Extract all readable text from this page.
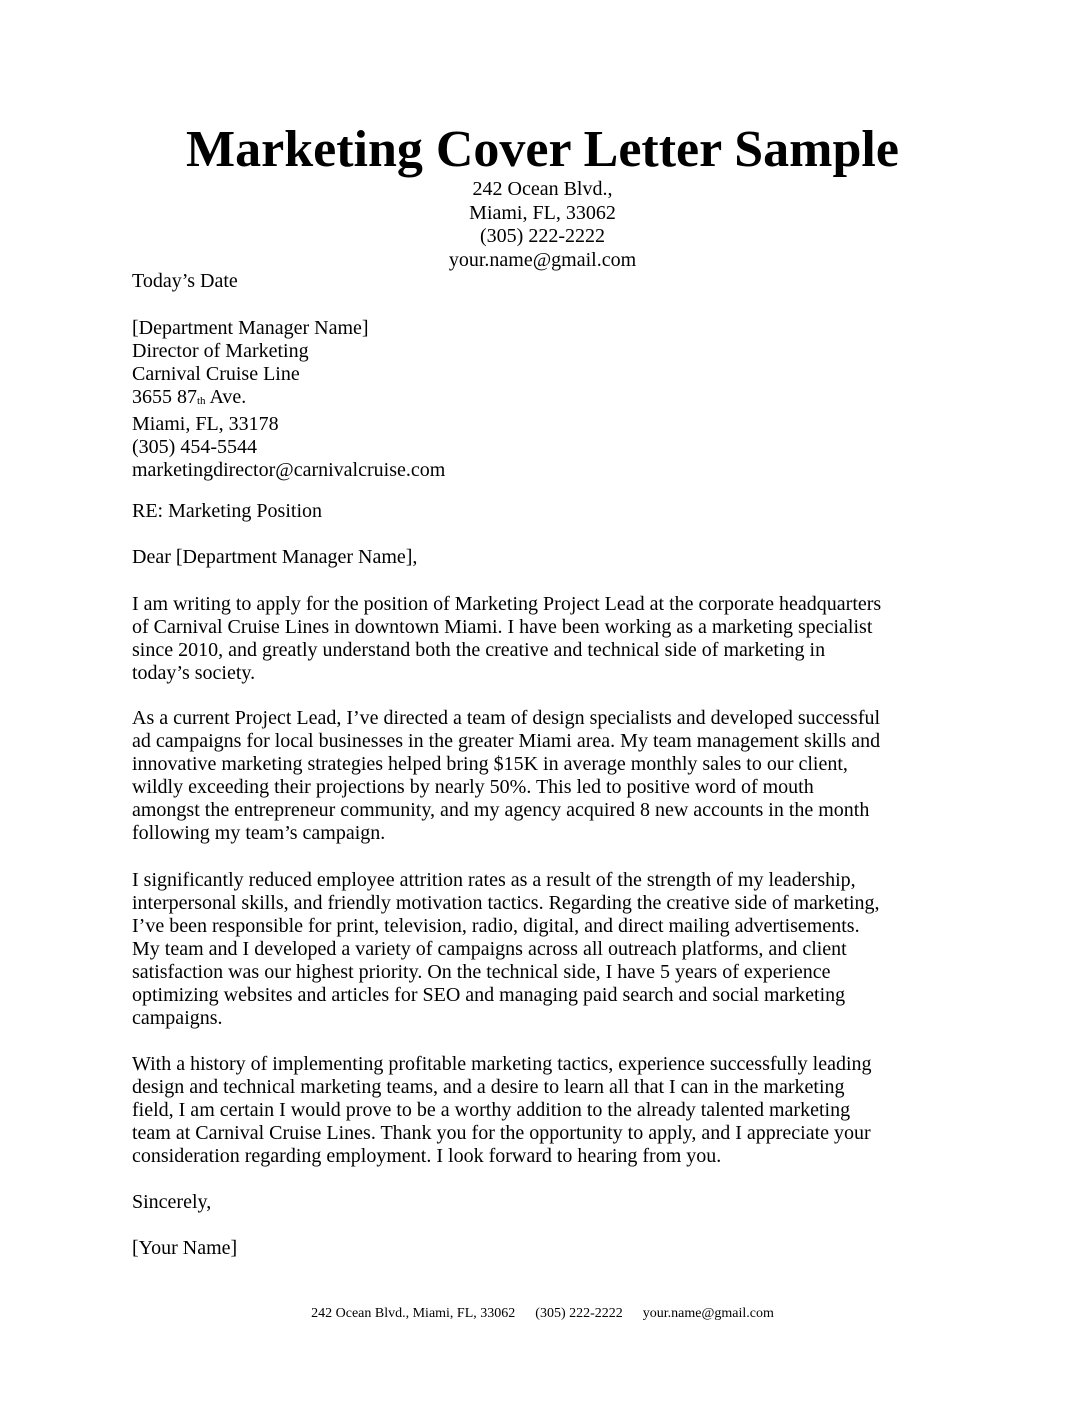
Marketing Cover Letter Sample
242 Ocean Blvd.,
Miami, FL, 33062
(305) 222-2222
your.name@gmail.com
Today’s Date
[Department Manager Name]
Director of Marketing
Carnival Cruise Line
3655 87th Ave.
Miami, FL, 33178
(305) 454-5544
marketingdirector@carnivalcruise.com
RE: Marketing Position
Dear [Department Manager Name],
I am writing to apply for the position of Marketing Project Lead at the corporate headquarters
of Carnival Cruise Lines in downtown Miami. I have been working as a marketing specialist
since 2010, and greatly understand both the creative and technical side of marketing in
today’s society.
As a current Project Lead, I’ve directed a team of design specialists and developed successful
ad campaigns for local businesses in the greater Miami area. My team management skills and
innovative marketing strategies helped bring $15K in average monthly sales to our client,
wildly exceeding their projections by nearly 50%. This led to positive word of mouth
amongst the entrepreneur community, and my agency acquired 8 new accounts in the month
following my team’s campaign.
I significantly reduced employee attrition rates as a result of the strength of my leadership,
interpersonal skills, and friendly motivation tactics. Regarding the creative side of marketing,
I’ve been responsible for print, television, radio, digital, and direct mailing advertisements.
My team and I developed a variety of campaigns across all outreach platforms, and client
satisfaction was our highest priority. On the technical side, I have 5 years of experience
optimizing websites and articles for SEO and managing paid search and social marketing
campaigns.
With a history of implementing profitable marketing tactics, experience successfully leading
design and technical marketing teams, and a desire to learn all that I can in the marketing
field, I am certain I would prove to be a worthy addition to the already talented marketing
team at Carnival Cruise Lines. Thank you for the opportunity to apply, and I appreciate your
consideration regarding employment. I look forward to hearing from you.
Sincerely,
[Your Name]
242 Ocean Blvd., Miami, FL, 33062 (305) 222-2222 your.name@gmail.com
